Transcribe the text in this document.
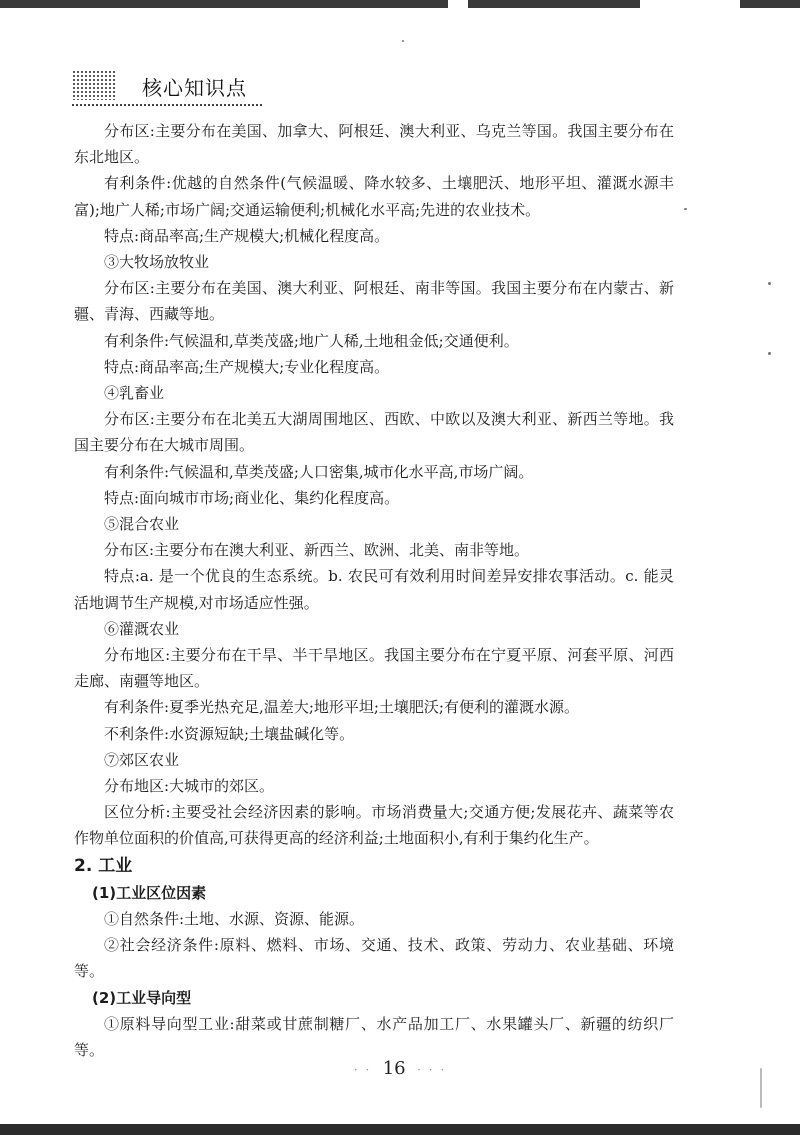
核心知识点

分布区:主要分布在美国、加拿大、阿根廷、澳大利亚、乌克兰等国。我国主要分布在东北地区。

有利条件:优越的自然条件(气候温暖、降水较多、土壤肥沃、地形平坦、灌溉水源丰富);地广人稀;市场广阔;交通运输便利;机械化水平高;先进的农业技术。

特点:商品率高;生产规模大;机械化程度高。

③大牧场放牧业

分布区:主要分布在美国、澳大利亚、阿根廷、南非等国。我国主要分布在内蒙古、新疆、青海、西藏等地。

有利条件:气候温和,草类茂盛;地广人稀,土地租金低;交通便利。

特点:商品率高;生产规模大;专业化程度高。

④乳畜业

分布区:主要分布在北美五大湖周围地区、西欧、中欧以及澳大利亚、新西兰等地。我国主要分布在大城市周围。

有利条件:气候温和,草类茂盛;人口密集,城市化水平高,市场广阔。

特点:面向城市市场;商业化、集约化程度高。

⑤混合农业

分布区:主要分布在澳大利亚、新西兰、欧洲、北美、南非等地。

特点:a. 是一个优良的生态系统。b. 农民可有效利用时间差异安排农事活动。c. 能灵活地调节生产规模,对市场适应性强。

⑥灌溉农业

分布地区:主要分布在干旱、半干旱地区。我国主要分布在宁夏平原、河套平原、河西走廊、南疆等地区。

有利条件:夏季光热充足,温差大;地形平坦;土壤肥沃;有便利的灌溉水源。

不利条件:水资源短缺;土壤盐碱化等。

⑦郊区农业

分布地区:大城市的郊区。

区位分析:主要受社会经济因素的影响。市场消费量大;交通方便;发展花卉、蔬菜等农作物单位面积的价值高,可获得更高的经济利益;土地面积小,有利于集约化生产。

2. 工业
(1)工业区位因素

①自然条件:土地、水源、资源、能源。

②社会经济条件:原料、燃料、市场、交通、技术、政策、劳动力、农业基础、环境等。

(2)工业导向型

①原料导向型工业:甜菜或甘蔗制糖厂、水产品加工厂、水果罐头厂、新疆的纺织厂等。

· · 16 · · ·
